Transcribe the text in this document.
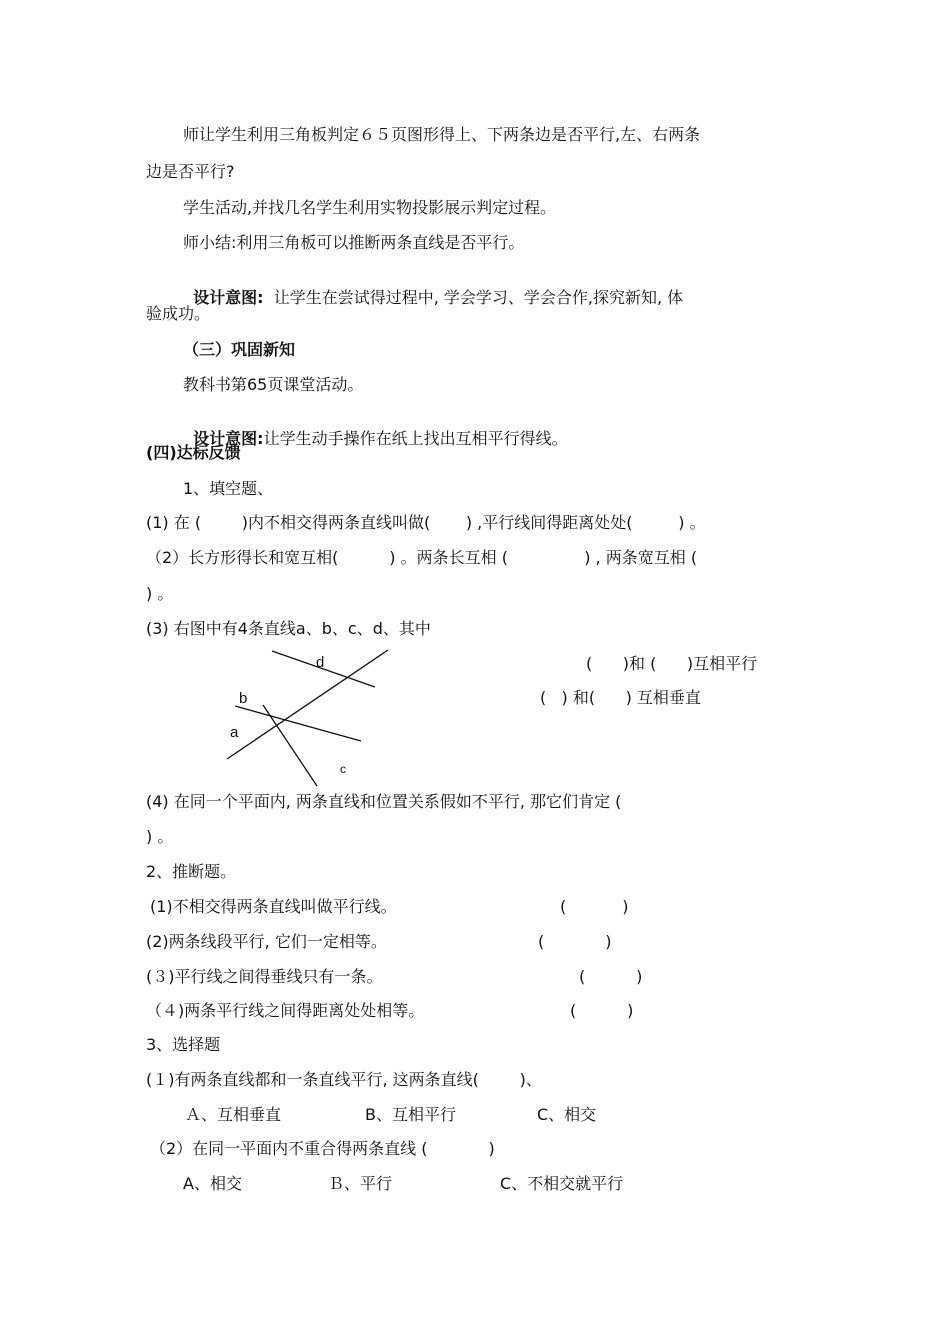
师让学生利用三角板判定６５页图形得上、下两条边是否平行,左、右两条
边是否平行?
学生活动,并找几名学生利用实物投影展示判定过程。
师小结:利用三角板可以推断两条直线是否平行。

设计意图:  让学生在尝试得过程中, 学会学习、学会合作,探究新知, 体

验成功。
（三）巩固新知
教科书第65页课堂活动。

设计意图:让学生动手操作在纸上找出互相平行得线。

(四)达标反馈
1、填空题、
(1) 在 (        )内不相交得两条直线叫做(       ) ,平行线间得距离处处(         ) 。
（2）长方形得长和宽互相(          ) 。两条长互相 (               ) , 两条宽互相 (
) 。
(3) 右图中有4条直线a、b、c、d、其中
(      )和 (      )互相平行
(   ) 和(      ) 互相垂直
d
b
a
c
(4) 在同一个平面内, 两条直线和位置关系假如不平行, 那它们肯定 (
) 。
2、推断题。
(1)不相交得两条直线叫做平行线。	(           )
(2)两条线段平行, 它们一定相等。	(            )
(３)平行线之间得垂线只有一条。	(          )
（４)两条平行线之间得距离处处相等。	(          )
3、选择题
(１)有两条直线都和一条直线平行, 这两条直线(        )、
Ａ、互相垂直	B、互相平行	C、相交
（2）在同一平面内不重合得两条直线 (            )
A、相交	Ｂ、平行	C、不相交就平行
